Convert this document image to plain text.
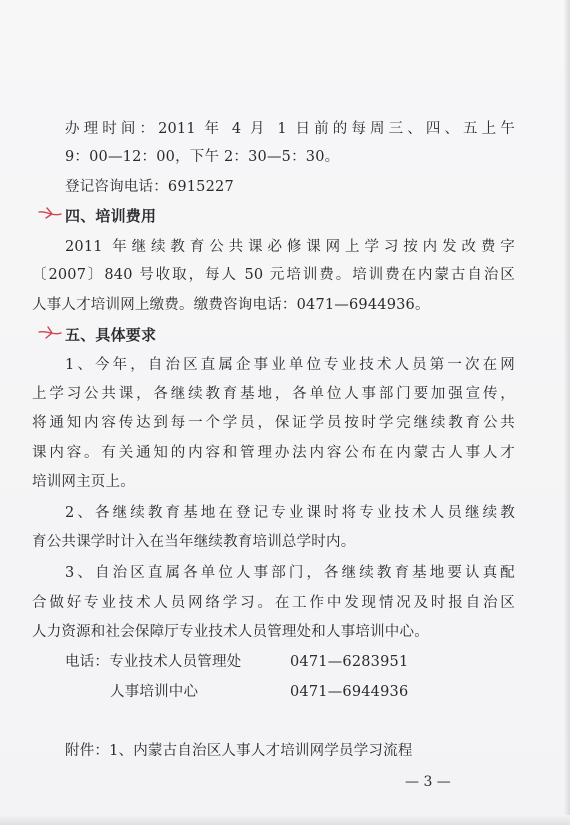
办理时间：2011 年 4 月 1 日前的每周三、四、五上午
9：00—12：00，下午 2：30—5：30。
登记咨询电话：6915227
四、培训费用
2011 年继续教育公共课必修课网上学习按内发改费字
〔2007〕840 号收取，每人 50 元培训费。培训费在内蒙古自治区
人事人才培训网上缴费。缴费咨询电话：0471—6944936。
五、具体要求
1、今年，自治区直属企事业单位专业技术人员第一次在网
上学习公共课，各继续教育基地，各单位人事部门要加强宣传，
将通知内容传达到每一个学员，保证学员按时学完继续教育公共
课内容。有关通知的内容和管理办法内容公布在内蒙古人事人才
培训网主页上。
2、各继续教育基地在登记专业课时将专业技术人员继续教
育公共课学时计入在当年继续教育培训总学时内。
3、自治区直属各单位人事部门，各继续教育基地要认真配
合做好专业技术人员网络学习。在工作中发现情况及时报自治区
人力资源和社会保障厅专业技术人员管理处和人事培训中心。
电话：专业技术人员管理处	0471—6283951
人事培训中心	0471—6944936
附件：1、内蒙古自治区人事人才培训网学员学习流程
— 3 —
